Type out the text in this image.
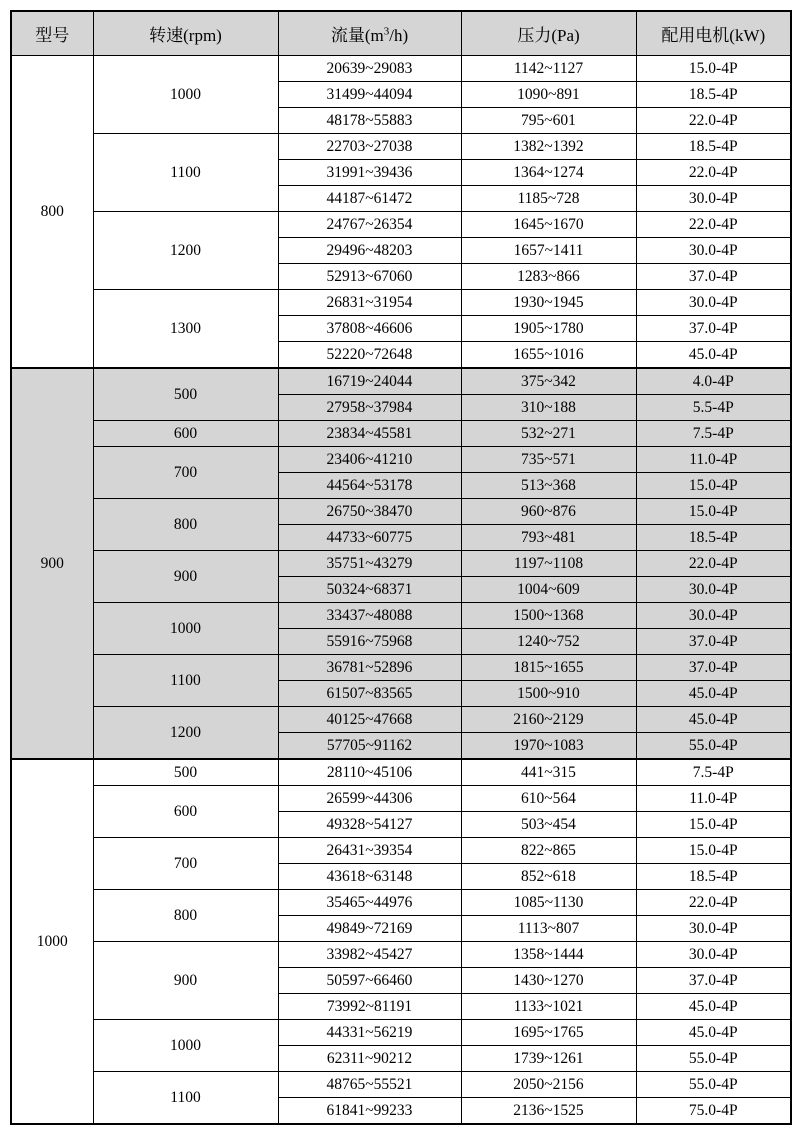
型号	转速(rpm)	流量$(m^3/h)$	压力(Pa)	配用电机(kW)
800	1000	20639~29083	1142~1127	15.0-4P
		31499~44094	1090~891	18.5-4P
		48178~55883	795~601	22.0-4P
	1100	22703~27038	1382~1392	18.5-4P
		31991~39436	1364~1274	22.0-4P
		44187~61472	1185~728	30.0-4P
	1200	24767~26354	1645~1670	22.0-4P
		29496~48203	1657~1411	30.0-4P
		52913~67060	1283~866	37.0-4P
	1300	26831~31954	1930~1945	30.0-4P
		37808~46606	1905~1780	37.0-4P
		52220~72648	1655~1016	45.0-4P
900	500	16719~24044	375~342	4.0-4P
		27958~37984	310~188	5.5-4P
	600	23834~45581	532~271	7.5-4P
	700	23406~41210	735~571	11.0-4P
		44564~53178	513~368	15.0-4P
	800	26750~38470	960~876	15.0-4P
		44733~60775	793~481	18.5-4P
	900	35751~43279	1197~1108	22.0-4P
		50324~68371	1004~609	30.0-4P
	1000	33437~48088	1500~1368	30.0-4P
		55916~75968	1240~752	37.0-4P
	1100	36781~52896	1815~1655	37.0-4P
		61507~83565	1500~910	45.0-4P
	1200	40125~47668	2160~2129	45.0-4P
		57705~91162	1970~1083	55.0-4P
1000	500	28110~45106	441~315	7.5-4P
	600	26599~44306	610~564	11.0-4P
		49328~54127	503~454	15.0-4P
	700	26431~39354	822~865	15.0-4P
		43618~63148	852~618	18.5-4P
	800	35465~44976	1085~1130	22.0-4P
		49849~72169	1113~807	30.0-4P
	900	33982~45427	1358~1444	30.0-4P
		50597~66460	1430~1270	37.0-4P
		73992~81191	1133~1021	45.0-4P
	1000	44331~56219	1695~1765	45.0-4P
		62311~90212	1739~1261	55.0-4P
	1100	48765~55521	2050~2156	55.0-4P
		61841~99233	2136~1525	75.0-4P
